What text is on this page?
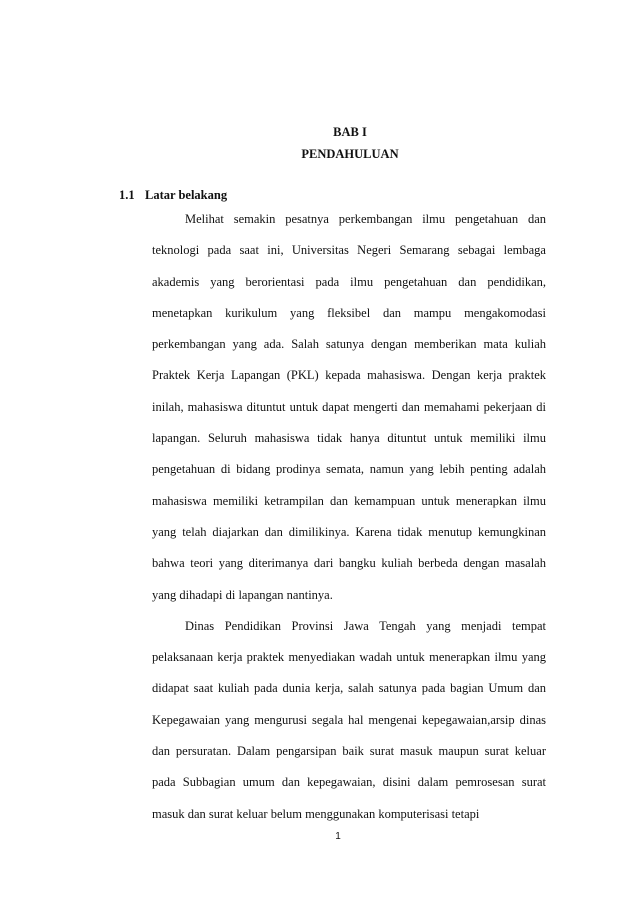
BAB I
PENDAHULUAN
1.1 Latar belakang

Melihat semakin pesatnya perkembangan ilmu pengetahuan dan teknologi pada saat ini, Universitas Negeri Semarang sebagai lembaga akademis yang berorientasi pada ilmu pengetahuan dan pendidikan, menetapkan kurikulum yang fleksibel dan mampu mengakomodasi perkembangan yang ada. Salah satunya dengan memberikan mata kuliah Praktek Kerja Lapangan (PKL) kepada mahasiswa. Dengan kerja praktek inilah, mahasiswa dituntut untuk dapat mengerti dan memahami pekerjaan di lapangan. Seluruh mahasiswa tidak hanya dituntut untuk memiliki ilmu pengetahuan di bidang prodinya semata, namun yang lebih penting adalah mahasiswa memiliki ketrampilan dan kemampuan untuk menerapkan ilmu yang telah diajarkan dan dimilikinya. Karena tidak menutup kemungkinan bahwa teori yang diterimanya dari bangku kuliah berbeda dengan masalah yang dihadapi di lapangan nantinya.

Dinas Pendidikan Provinsi Jawa Tengah yang menjadi tempat pelaksanaan kerja praktek menyediakan wadah untuk menerapkan ilmu yang didapat saat kuliah pada dunia kerja, salah satunya pada bagian Umum dan Kepegawaian yang mengurusi segala hal mengenai kepegawaian,arsip dinas dan persuratan. Dalam pengarsipan baik surat masuk maupun surat keluar pada Subbagian umum dan kepegawaian, disini dalam pemrosesan surat masuk dan surat keluar belum menggunakan komputerisasi tetapi

1
